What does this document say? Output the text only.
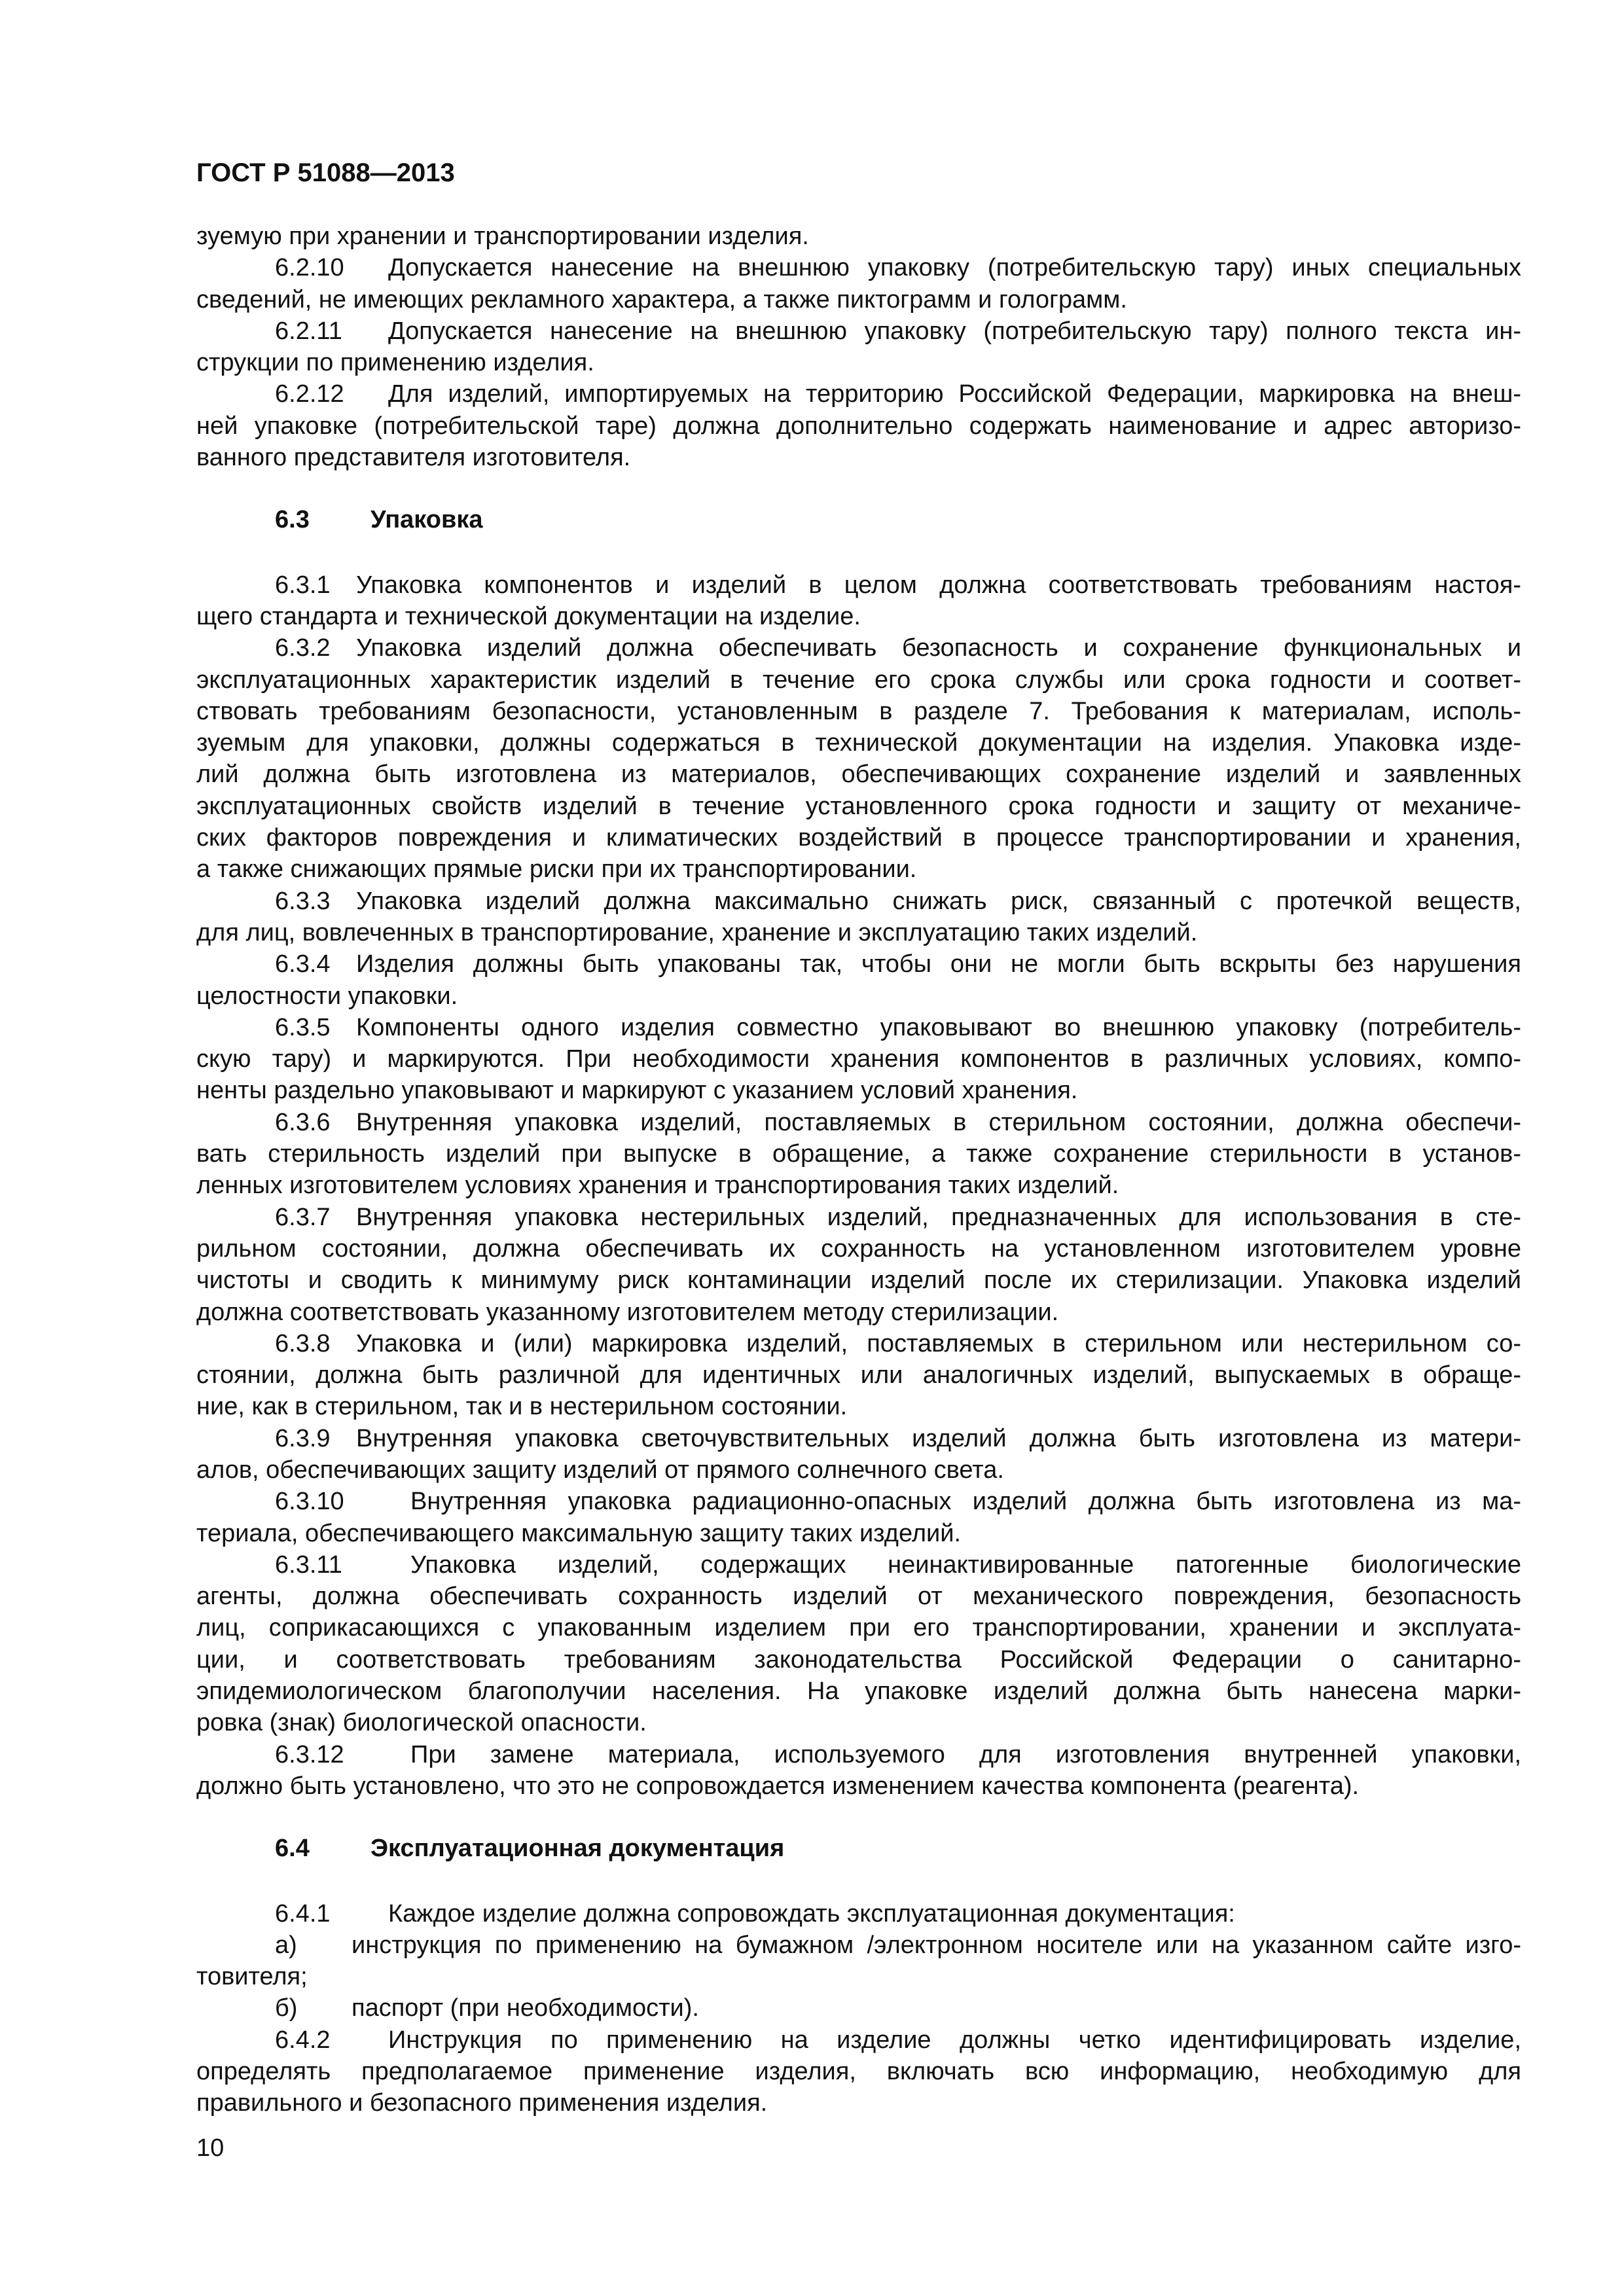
ГОСТ Р 51088—2013
зуемую при хранении и транспортировании изделия.
6.2.10	Допускается нанесение на внешнюю упаковку (потребительскую тару) иных специальных
сведений, не имеющих рекламного характера, а также пиктограмм и голограмм.
6.2.11	Допускается нанесение на внешнюю упаковку (потребительскую тару) полного текста ин-
струкции по применению изделия.
6.2.12	Для изделий, импортируемых на территорию Российской Федерации, маркировка на внеш-
ней упаковке (потребительской таре) должна дополнительно содержать наименование и адрес авторизо-
ванного представителя изготовителя.
6.3	Упаковка
6.3.1	Упаковка компонентов и изделий в целом должна соответствовать требованиям настоя-
щего стандарта и технической документации на изделие.
6.3.2	Упаковка изделий должна обеспечивать безопасность и сохранение функциональных и
эксплуатационных характеристик изделий в течение его срока службы или срока годности и соответ-
ствовать требованиям безопасности, установленным в разделе 7. Требования к материалам, исполь-
зуемым для упаковки, должны содержаться в технической документации на изделия. Упаковка изде-
лий должна быть изготовлена из материалов, обеспечивающих сохранение изделий и заявленных
эксплуатационных свойств изделий в течение установленного срока годности и защиту от механиче-
ских факторов повреждения и климатических воздействий в процессе транспортировании и хранения,
а также снижающих прямые риски при их транспортировании.
6.3.3	Упаковка изделий должна максимально снижать риск, связанный с протечкой веществ,
для лиц, вовлеченных в транспортирование, хранение и эксплуатацию таких изделий.
6.3.4	Изделия должны быть упакованы так, чтобы они не могли быть вскрыты без нарушения
целостности упаковки.
6.3.5	Компоненты одного изделия совместно упаковывают во внешнюю упаковку (потребитель-
скую тару) и маркируются. При необходимости хранения компонентов в различных условиях, компо-
ненты раздельно упаковывают и маркируют с указанием условий хранения.
6.3.6	Внутренняя упаковка изделий, поставляемых в стерильном состоянии, должна обеспечи-
вать стерильность изделий при выпуске в обращение, а также сохранение стерильности в установ-
ленных изготовителем условиях хранения и транспортирования таких изделий.
6.3.7	Внутренняя упаковка нестерильных изделий, предназначенных для использования в сте-
рильном состоянии, должна обеспечивать их сохранность на установленном изготовителем уровне
чистоты и сводить к минимуму риск контаминации изделий после их стерилизации. Упаковка изделий
должна соответствовать указанному изготовителем методу стерилизации.
6.3.8	Упаковка и (или) маркировка изделий, поставляемых в стерильном или нестерильном со-
стоянии, должна быть различной для идентичных или аналогичных изделий, выпускаемых в обраще-
ние, как в стерильном, так и в нестерильном состоянии.
6.3.9	Внутренняя упаковка светочувствительных изделий должна быть изготовлена из матери-
алов, обеспечивающих защиту изделий от прямого солнечного света.
6.3.10	Внутренняя упаковка радиационно-опасных изделий должна быть изготовлена из ма-
териала, обеспечивающего максимальную защиту таких изделий.
6.3.11	Упаковка изделий, содержащих неинактивированные патогенные биологические
агенты, должна обеспечивать сохранность изделий от механического повреждения, безопасность
лиц, соприкасающихся с упакованным изделием при его транспортировании, хранении и эксплуата-
ции, и соответствовать требованиям законодательства Российской Федерации о санитарно-
эпидемиологическом благополучии населения. На упаковке изделий должна быть нанесена марки-
ровка (знак) биологической опасности.
6.3.12	При замене материала, используемого для изготовления внутренней упаковки,
должно быть установлено, что это не сопровождается изменением качества компонента (реагента).
6.4	Эксплуатационная документация
6.4.1	Каждое изделие должна сопровождать эксплуатационная документация:
а)	инструкция по применению на бумажном /электронном носителе или на указанном сайте изго-
товителя;
б)	паспорт (при необходимости).
6.4.2	Инструкция по применению на изделие должны четко идентифицировать изделие,
определять предполагаемое применение изделия, включать всю информацию, необходимую для
правильного и безопасного применения изделия.
10
